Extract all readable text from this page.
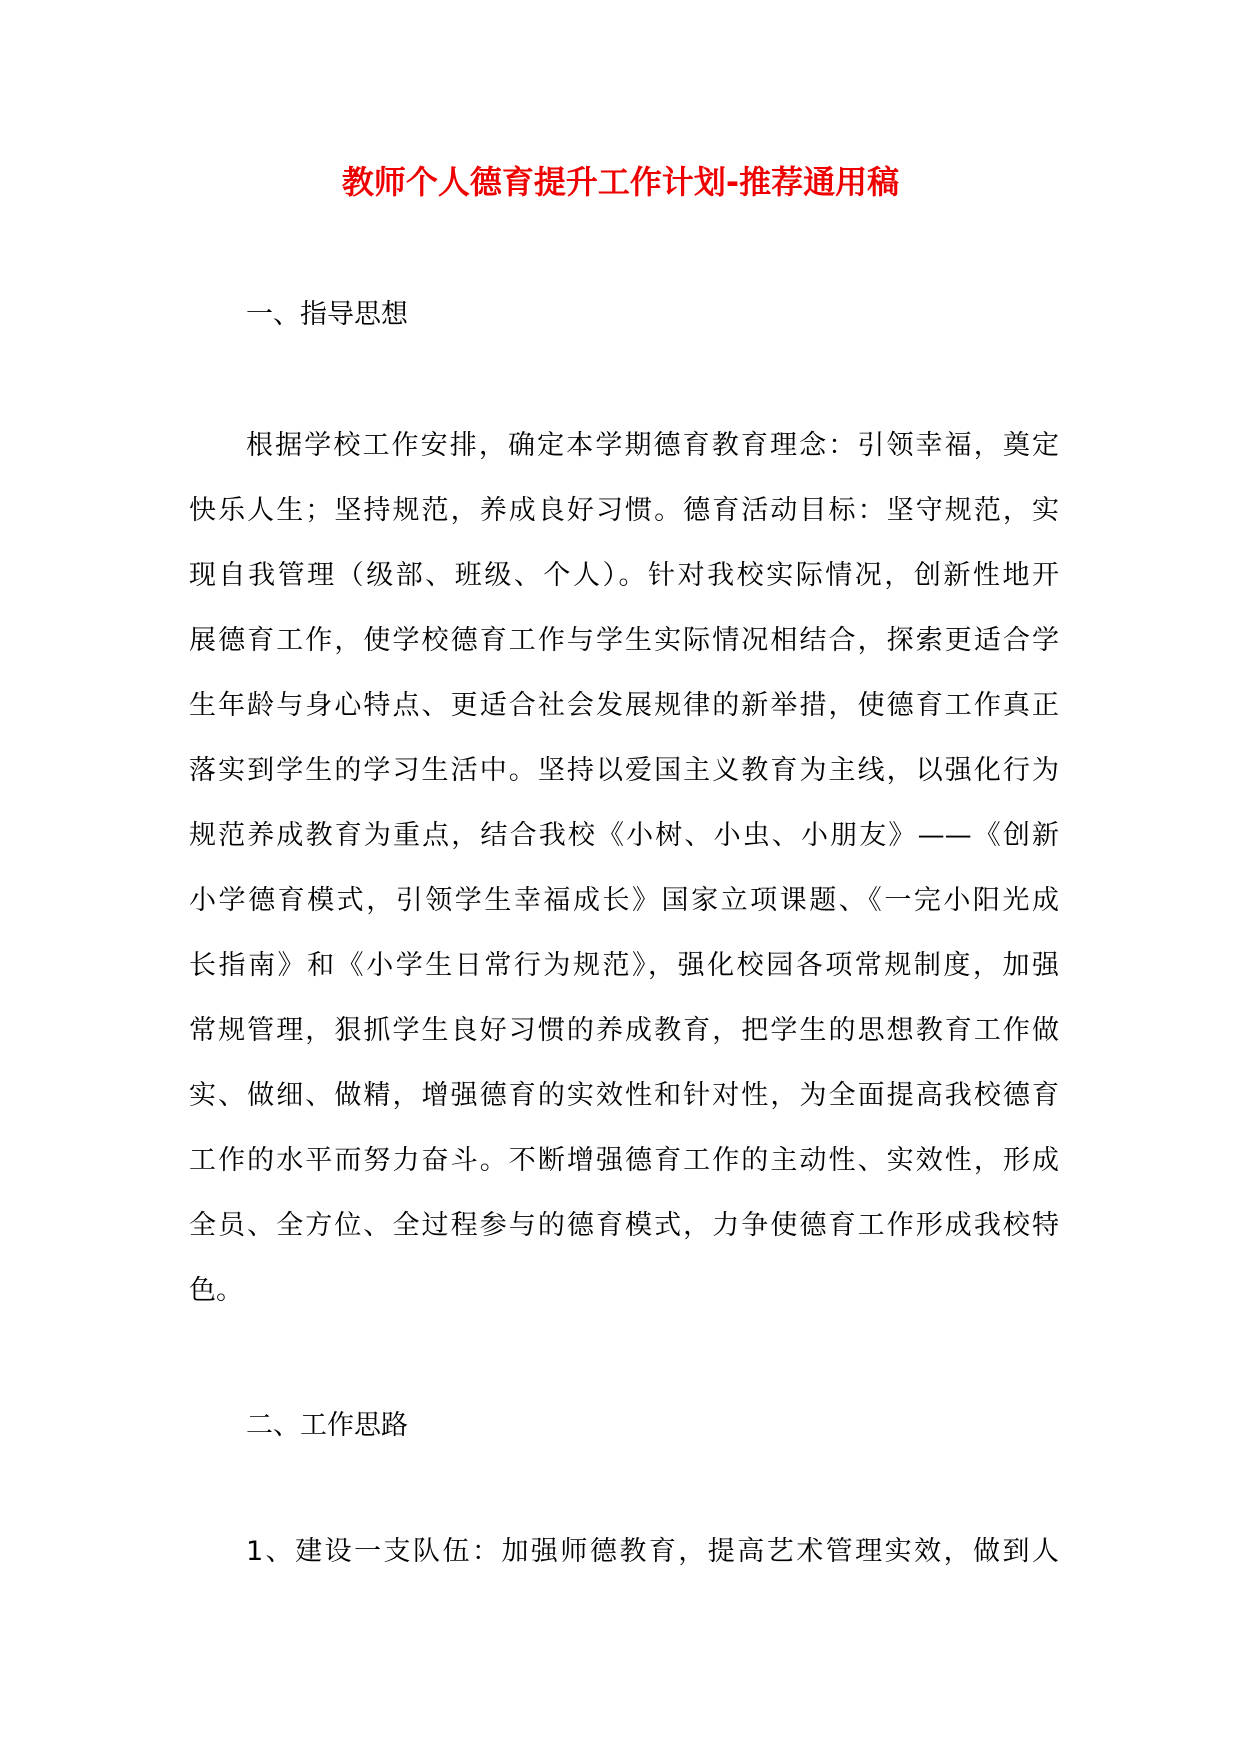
教师个人德育提升工作计划-推荐通用稿
一、指导思想
根据学校工作安排，确定本学期德育教育理念：引领幸福，奠定
快乐人生；坚持规范，养成良好习惯。德育活动目标：坚守规范，实
现自我管理（级部、班级、个人）。针对我校实际情况，创新性地开
展德育工作，使学校德育工作与学生实际情况相结合，探索更适合学
生年龄与身心特点、更适合社会发展规律的新举措，使德育工作真正
落实到学生的学习生活中。坚持以爱国主义教育为主线，以强化行为
规范养成教育为重点，结合我校《小树、小虫、小朋友》——《创新
小学德育模式，引领学生幸福成长》国家立项课题、《一完小阳光成
长指南》和《小学生日常行为规范》，强化校园各项常规制度，加强
常规管理，狠抓学生良好习惯的养成教育，把学生的思想教育工作做
实、做细、做精，增强德育的实效性和针对性，为全面提高我校德育
工作的水平而努力奋斗。不断增强德育工作的主动性、实效性，形成
全员、全方位、全过程参与的德育模式，力争使德育工作形成我校特
色。
二、工作思路
1、建设一支队伍：加强师德教育，提高艺术管理实效，做到人
